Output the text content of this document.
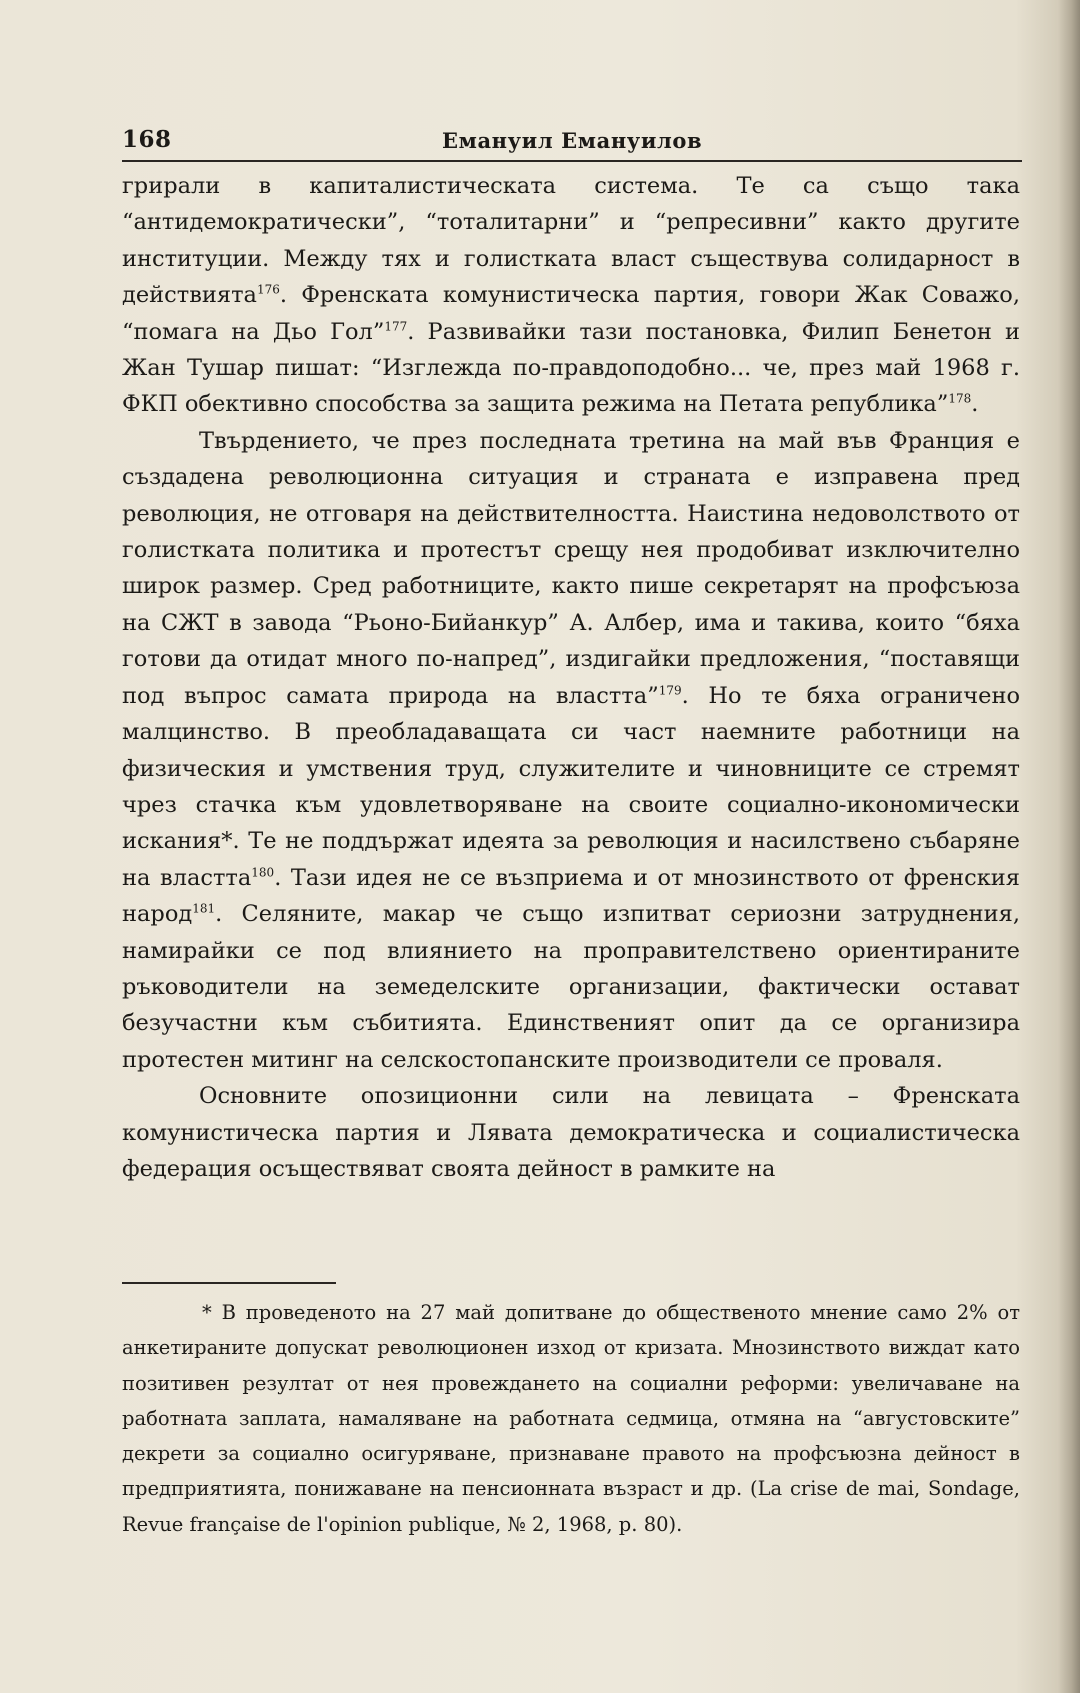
168	Емануил Емануилов

грирали в капиталистическата система. Те са също така “антидемократически”, “тоталитарни” и “репресивни” както другите институции. Между тях и голистката власт съществува солидарност в действията$^{176}$. Френската комунистическа партия, говори Жак Соважо, “помага на Дьо Гол”$^{177}$. Развивайки тази постановка, Филип Бенетон и Жан Тушар пишат: “Изглежда по-правдоподобно... че, през май 1968 г. ФКП обективно способства за защита режима на Петата република”$^{178}$.

Твърдението, че през последната третина на май във Франция е създадена революционна ситуация и страната е изправена пред революция, не отговаря на действителността. Наистина недоволството от голистката политика и протестът срещу нея продобиват изключително широк размер. Сред работниците, както пише секретарят на профсъюза на СЖТ в завода “Рьоно-Бийанкур” А. Албер, има и такива, които “бяха готови да отидат много по-напред”, издигайки предложения, “поставящи под въпрос самата природа на властта”$^{179}$. Но те бяха ограничено малцинство. В преобладаващата си част наемните работници на физическия и умствения труд, служителите и чиновниците се стремят чрез стачка към удовлетворяване на своите социално-икономически искания*. Те не поддържат идеята за революция и насилствено събаряне на властта$^{180}$. Тази идея не се възприема и от мнозинството от френския народ$^{181}$. Селяните, макар че също изпитват сериозни затруднения, намирайки се под влиянието на проправителствено ориентираните ръководители на земеделските организации, фактически остават безучастни към събитията. Единственият опит да се организира протестен митинг на селскостопанските производители се проваля.

Основните опозиционни сили на левицата – Френската комунистическа партия и Лявата демократическа и социалистическа федерация осъществяват своята дейност в рамките на

* В проведеното на 27 май допитване до общественото мнение само 2% от анкетираните допускат революционен изход от кризата. Мнозинството виждат като позитивен резултат от нея провеждането на социални реформи: увеличаване на работната заплата, намаляване на работната седмица, отмяна на “августовските” декрети за социално осигуряване, признаване правото на профсъюзна дейност в предприятията, понижаване на пенсионната възраст и др. (La crise de mai, Sondage, Revue française de l'opinion publique, № 2, 1968, p. 80).
